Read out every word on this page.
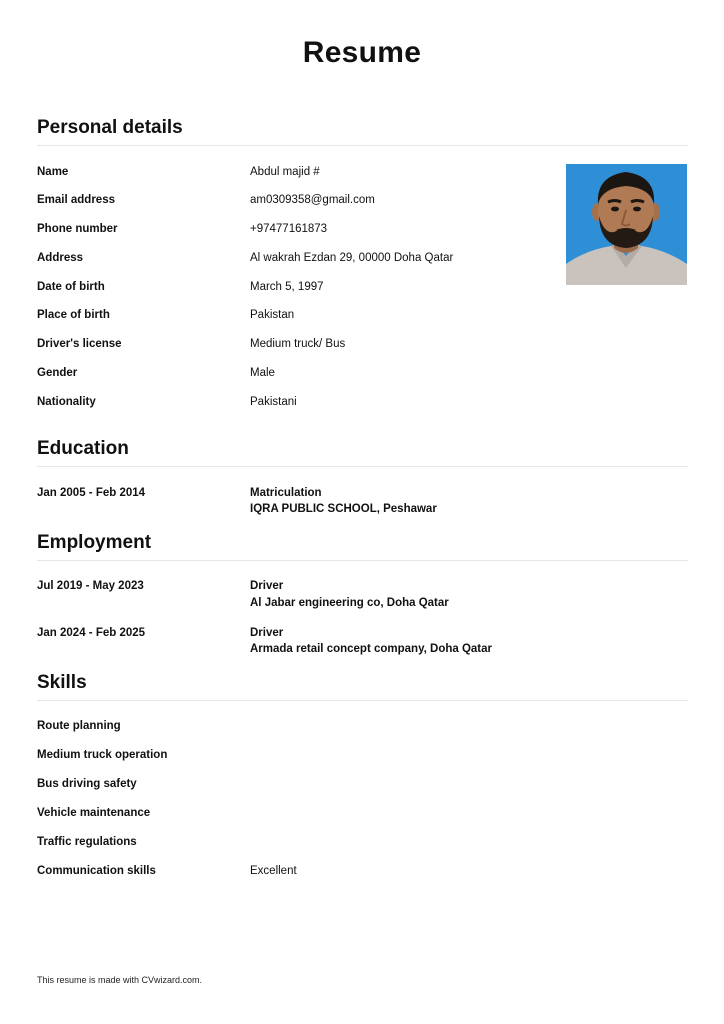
Resume
Personal details
Name	Abdul majid #
Email address	am0309358@gmail.com
Phone number	+97477161873
Address	Al wakrah Ezdan 29, 00000 Doha Qatar
Date of birth	March 5, 1997
Place of birth	Pakistan
Driver's license	Medium truck/ Bus
Gender	Male
Nationality	Pakistani
Education
Jan 2005 - Feb 2014	Matriculation
IQRA PUBLIC SCHOOL, Peshawar
Employment
Jul 2019 - May 2023	Driver
Al Jabar engineering co, Doha Qatar
Jan 2024 - Feb 2025	Driver
Armada retail concept company, Doha Qatar
Skills
Route planning
Medium truck operation
Bus driving safety
Vehicle maintenance
Traffic regulations
Communication skills	Excellent
This resume is made with CVwizard.com.
